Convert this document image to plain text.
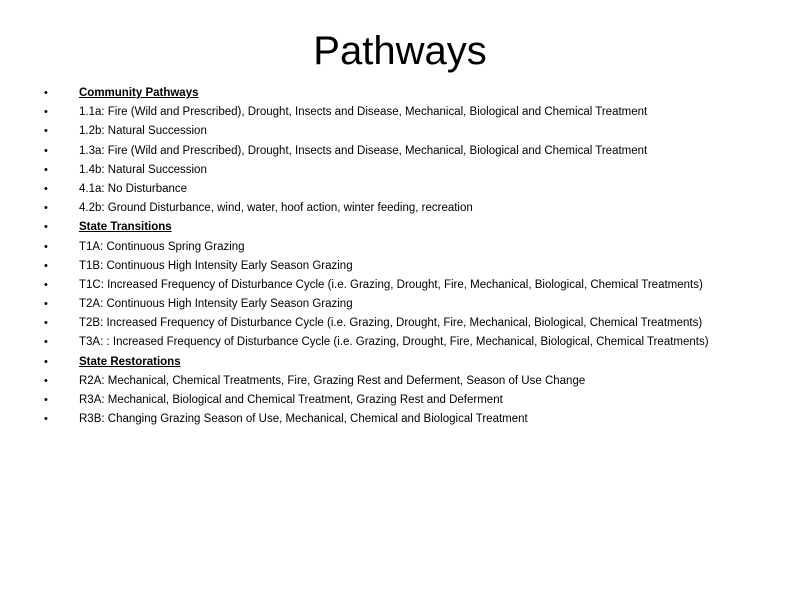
Pathways
•	Community Pathways
•	1.1a: Fire (Wild and Prescribed), Drought, Insects and Disease, Mechanical, Biological and Chemical Treatment
•	1.2b: Natural Succession
•	1.3a: Fire (Wild and Prescribed), Drought, Insects and Disease, Mechanical, Biological and Chemical Treatment
•	1.4b: Natural Succession
•	4.1a: No Disturbance
•	4.2b: Ground Disturbance, wind, water, hoof action, winter feeding, recreation
•	State Transitions
•	T1A: Continuous Spring Grazing
•	T1B: Continuous High Intensity Early Season Grazing
•	T1C: Increased Frequency of Disturbance Cycle (i.e. Grazing, Drought, Fire, Mechanical, Biological, Chemical Treatments)
•	T2A: Continuous High Intensity Early Season Grazing
•	T2B: Increased Frequency of Disturbance Cycle (i.e. Grazing, Drought, Fire, Mechanical, Biological, Chemical Treatments)
•	T3A: : Increased Frequency of Disturbance Cycle (i.e. Grazing, Drought, Fire, Mechanical, Biological, Chemical Treatments)
•	State Restorations
•	R2A: Mechanical, Chemical Treatments, Fire, Grazing Rest and Deferment, Season of Use Change
•	R3A: Mechanical, Biological and Chemical Treatment, Grazing Rest and Deferment
•	R3B: Changing Grazing Season of Use, Mechanical, Chemical and Biological Treatment
